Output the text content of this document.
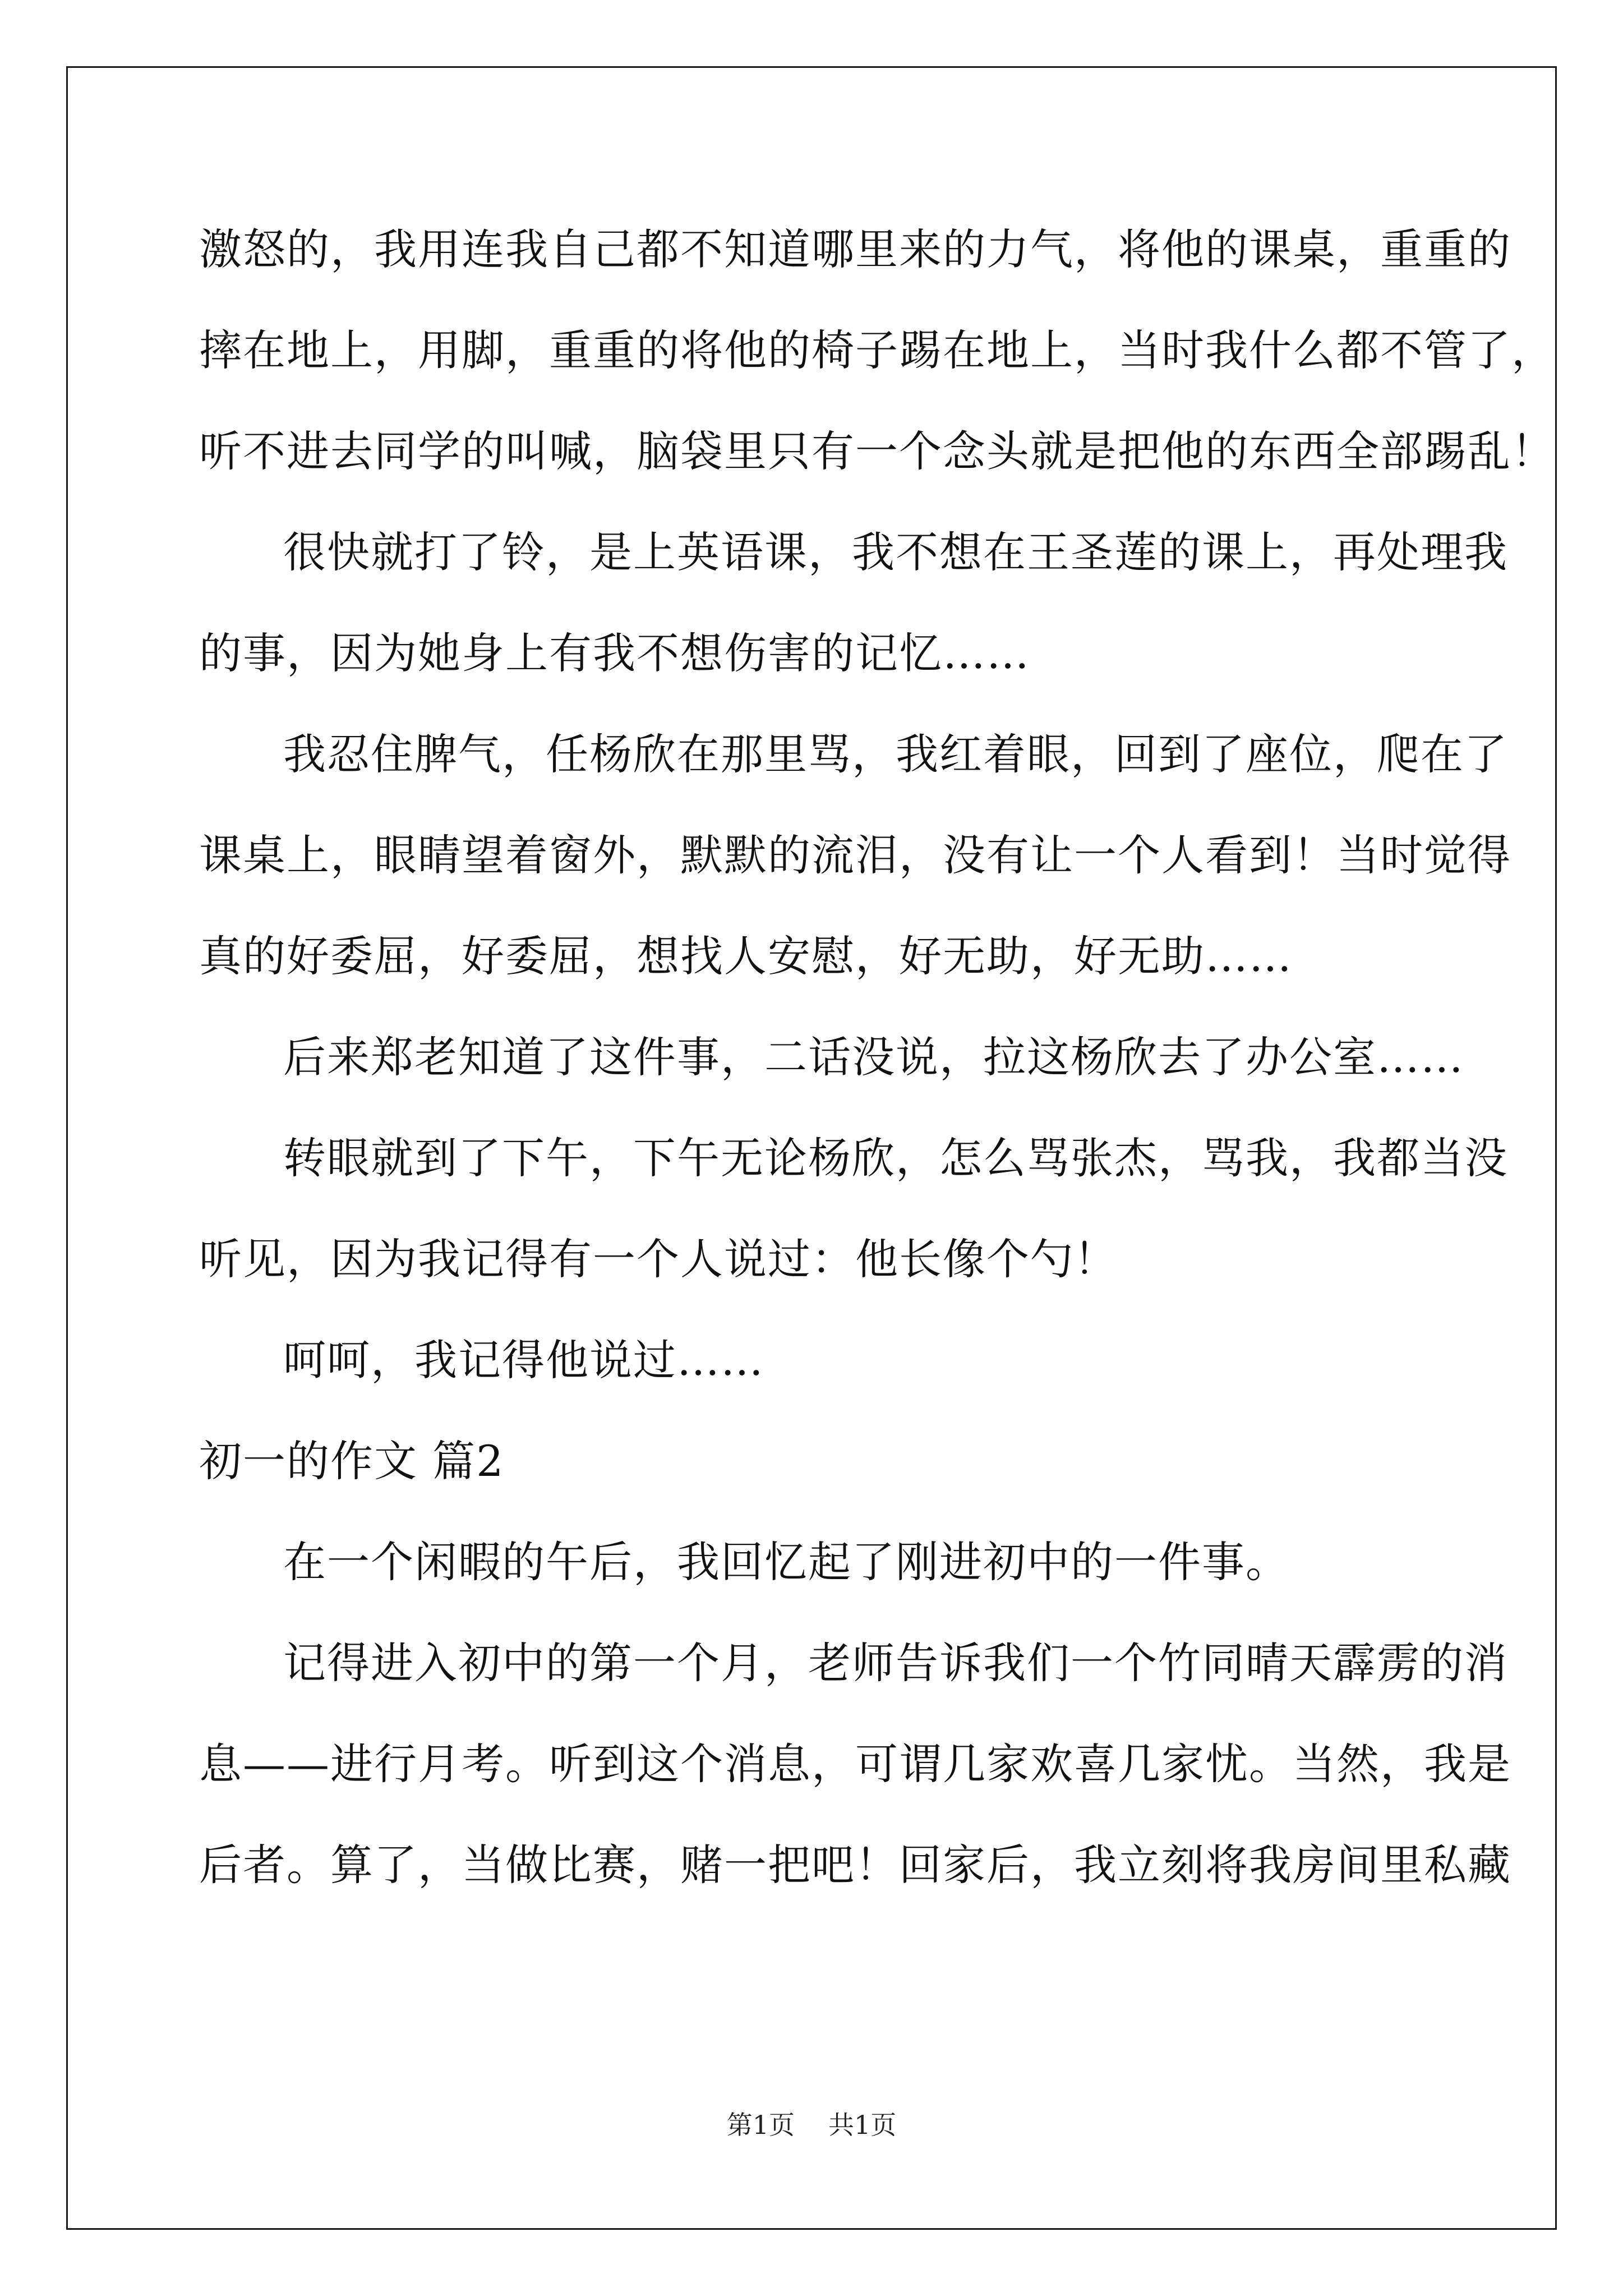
激怒的，我用连我自己都不知道哪里来的力气，将他的课桌，重重的
摔在地上，用脚，重重的将他的椅子踢在地上，当时我什么都不管了，
听不进去同学的叫喊，脑袋里只有一个念头就是把他的东西全部踢乱！
很快就打了铃，是上英语课，我不想在王圣莲的课上，再处理我
的事，因为她身上有我不想伤害的记忆……
我忍住脾气，任杨欣在那里骂，我红着眼，回到了座位，爬在了
课桌上，眼睛望着窗外，默默的流泪，没有让一个人看到！当时觉得
真的好委屈，好委屈，想找人安慰，好无助，好无助……
后来郑老知道了这件事，二话没说，拉这杨欣去了办公室……
转眼就到了下午，下午无论杨欣，怎么骂张杰，骂我，我都当没
听见，因为我记得有一个人说过：他长像个勺！
呵呵，我记得他说过……
初一的作文 篇2
在一个闲暇的午后，我回忆起了刚进初中的一件事。
记得进入初中的第一个月，老师告诉我们一个竹同晴天霹雳的消
息——进行月考。听到这个消息，可谓几家欢喜几家忧。当然，我是
后者。算了，当做比赛，赌一把吧！回家后，我立刻将我房间里私藏
第1页 共1页
